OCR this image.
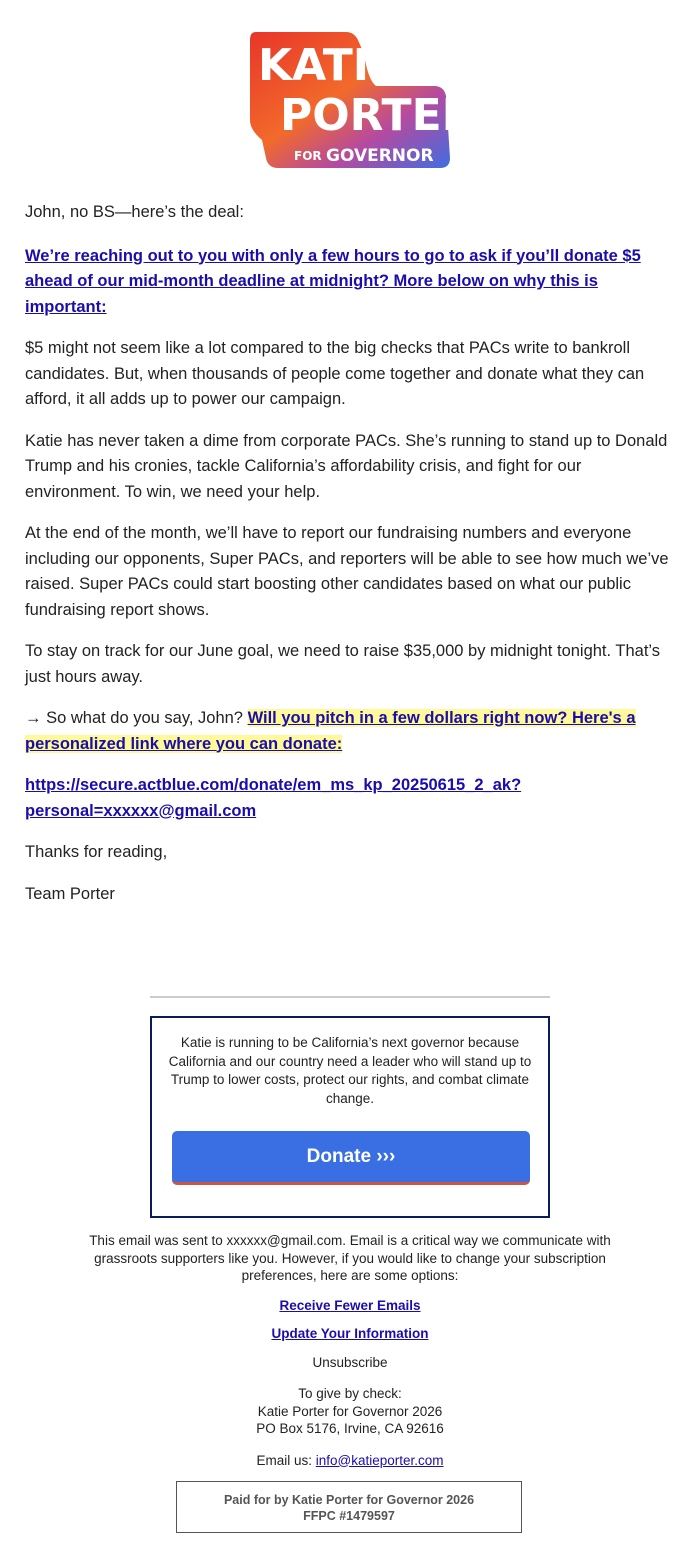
KATIE
PORTER
FOR GOVERNOR

John, no BS—here’s the deal:

We’re reaching out to you with only a few hours to go to ask if you’ll donate $5 ahead of our mid-month deadline at midnight? More below on why this is important:

$5 might not seem like a lot compared to the big checks that PACs write to bankroll candidates. But, when thousands of people come together and donate what they can afford, it all adds up to power our campaign.

Katie has never taken a dime from corporate PACs. She’s running to stand up to Donald Trump and his cronies, tackle California’s affordability crisis, and fight for our environment. To win, we need your help.

At the end of the month, we’ll have to report our fundraising numbers and everyone including our opponents, Super PACs, and reporters will be able to see how much we’ve raised. Super PACs could start boosting other candidates based on what our public fundraising report shows.

To stay on track for our June goal, we need to raise $35,000 by midnight tonight. That’s just hours away.

→ So what do you say, John? Will you pitch in a few dollars right now? Here's a personalized link where you can donate:

https://secure.actblue.com/donate/em_ms_kp_20250615_2_ak?personal=xxxxxx@gmail.com

Thanks for reading,

Team Porter

Katie is running to be California’s next governor because California and our country need a leader who will stand up to Trump to lower costs, protect our rights, and combat climate change.
Donate ›››

This email was sent to xxxxxx@gmail.com. Email is a critical way we communicate with grassroots supporters like you. However, if you would like to change your subscription preferences, here are some options:

Receive Fewer Emails
Update Your Information
Unsubscribe
To give by check:
Katie Porter for Governor 2026
PO Box 5176, Irvine, CA 92616

Email us: info@katieporter.com

Paid for by Katie Porter for Governor 2026
FFPC #1479597
